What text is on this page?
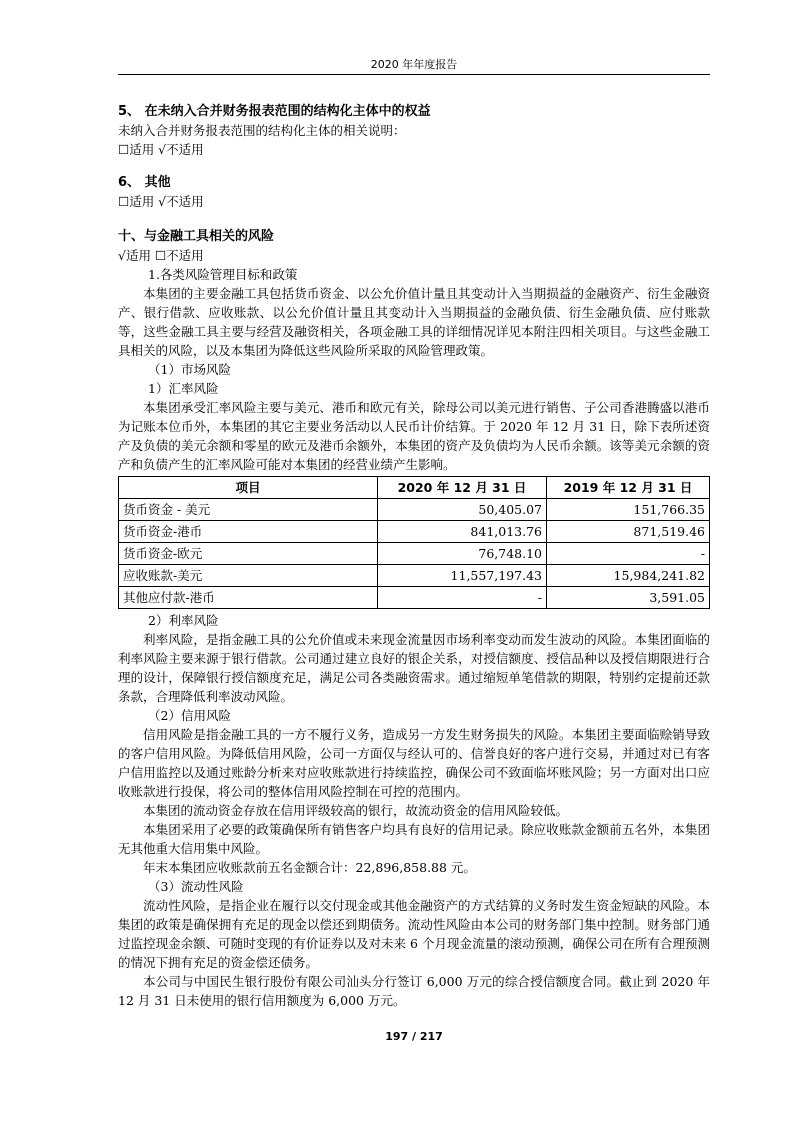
2020 年年度报告
5、 在未纳入合并财务报表范围的结构化主体中的权益

未纳入合并财务报表范围的结构化主体的相关说明：

☐适用 √不适用

6、 其他

☐适用 √不适用

十、与金融工具相关的风险

√适用 ☐不适用

1.各类风险管理目标和政策

本集团的主要金融工具包括货币资金、以公允价值计量且其变动计入当期损益的金融资产、衍生金融资产、银行借款、应收账款、以公允价值计量且其变动计入当期损益的金融负债、衍生金融负债、应付账款等，这些金融工具主要与经营及融资相关，各项金融工具的详细情况详见本附注四相关项目。与这些金融工具相关的风险，以及本集团为降低这些风险所采取的风险管理政策。

（1）市场风险

1）汇率风险

本集团承受汇率风险主要与美元、港币和欧元有关，除母公司以美元进行销售、子公司香港腾盛以港币为记账本位币外，本集团的其它主要业务活动以人民币计价结算。于 2020 年 12 月 31 日，除下表所述资产及负债的美元余额和零星的欧元及港币余额外，本集团的资产及负债均为人民币余额。该等美元余额的资产和负债产生的汇率风险可能对本集团的经营业绩产生影响。

项目	2020 年 12 月 31 日	2019 年 12 月 31 日
货币资金 - 美元	50,405.07	151,766.35
货币资金-港币	841,013.76	871,519.46
货币资金-欧元	76,748.10	-
应收账款-美元	11,557,197.43	15,984,241.82
其他应付款-港币	-	3,591.05

2）利率风险

利率风险，是指金融工具的公允价值或未来现金流量因市场利率变动而发生波动的风险。本集团面临的利率风险主要来源于银行借款。公司通过建立良好的银企关系，对授信额度、授信品种以及授信期限进行合理的设计，保障银行授信额度充足，满足公司各类融资需求。通过缩短单笔借款的期限，特别约定提前还款条款，合理降低利率波动风险。

（2）信用风险

信用风险是指金融工具的一方不履行义务，造成另一方发生财务损失的风险。本集团主要面临赊销导致的客户信用风险。为降低信用风险，公司一方面仅与经认可的、信誉良好的客户进行交易，并通过对已有客户信用监控以及通过账龄分析来对应收账款进行持续监控，确保公司不致面临坏账风险；另一方面对出口应收账款进行投保，将公司的整体信用风险控制在可控的范围内。

本集团的流动资金存放在信用评级较高的银行，故流动资金的信用风险较低。

本集团采用了必要的政策确保所有销售客户均具有良好的信用记录。除应收账款金额前五名外，本集团无其他重大信用集中风险。

年末本集团应收账款前五名金额合计：22,896,858.88 元。

（3）流动性风险

流动性风险，是指企业在履行以交付现金或其他金融资产的方式结算的义务时发生资金短缺的风险。本集团的政策是确保拥有充足的现金以偿还到期债务。流动性风险由本公司的财务部门集中控制。财务部门通过监控现金余额、可随时变现的有价证券以及对未来 6 个月现金流量的滚动预测，确保公司在所有合理预测的情况下拥有充足的资金偿还债务。

本公司与中国民生银行股份有限公司汕头分行签订 6,000 万元的综合授信额度合同。截止到 2020 年 12 月 31 日未使用的银行信用额度为 6,000 万元。

197 / 217
